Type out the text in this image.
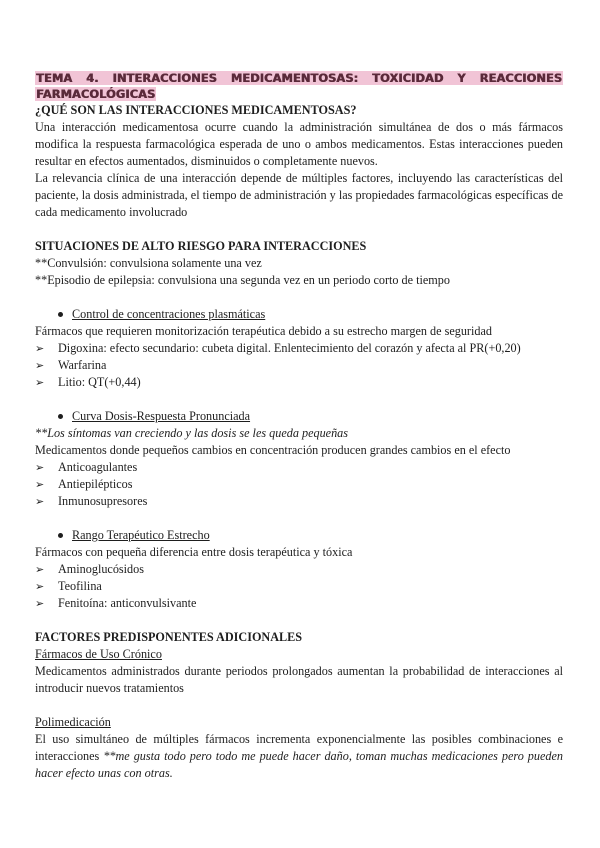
TEMA 4. INTERACCIONES MEDICAMENTOSAS: TOXICIDAD Y REACCIONES FARMACOLÓGICAS
¿QUÉ SON LAS INTERACCIONES MEDICAMENTOSAS?

Una interacción medicamentosa ocurre cuando la administración simultánea de dos o más fármacos modifica la respuesta farmacológica esperada de uno o ambos medicamentos. Estas interacciones pueden resultar en efectos aumentados, disminuidos o completamente nuevos.

La relevancia clínica de una interacción depende de múltiples factores, incluyendo las características del paciente, la dosis administrada, el tiempo de administración y las propiedades farmacológicas específicas de cada medicamento involucrado

SITUACIONES DE ALTO RIESGO PARA INTERACCIONES

**Convulsión: convulsiona solamente una vez

**Episodio de epilepsia: convulsiona una segunda vez en un periodo corto de tiempo

Control de concentraciones plasmáticas

Fármacos que requieren monitorización terapéutica debido a su estrecho margen de seguridad

➢ Digoxina: efecto secundario: cubeta digital. Enlentecimiento del corazón y afecta al PR(+0,20)

➢ Warfarina

➢ Litio: QT(+0,44)

Curva Dosis-Respuesta Pronunciada

**Los síntomas van creciendo y las dosis se les queda pequeñas

Medicamentos donde pequeños cambios en concentración producen grandes cambios en el efecto

➢ Anticoagulantes

➢ Antiepilépticos

➢ Inmunosupresores

Rango Terapéutico Estrecho

Fármacos con pequeña diferencia entre dosis terapéutica y tóxica

➢ Aminoglucósidos

➢ Teofilina

➢ Fenitoína: anticonvulsivante

FACTORES PREDISPONENTES ADICIONALES

Fármacos de Uso Crónico

Medicamentos administrados durante periodos prolongados aumentan la probabilidad de interacciones al introducir nuevos tratamientos

Polimedicación

El uso simultáneo de múltiples fármacos incrementa exponencialmente las posibles combinaciones e interacciones **me gusta todo pero todo me puede hacer daño, toman muchas medicaciones pero pueden hacer efecto unas con otras.
